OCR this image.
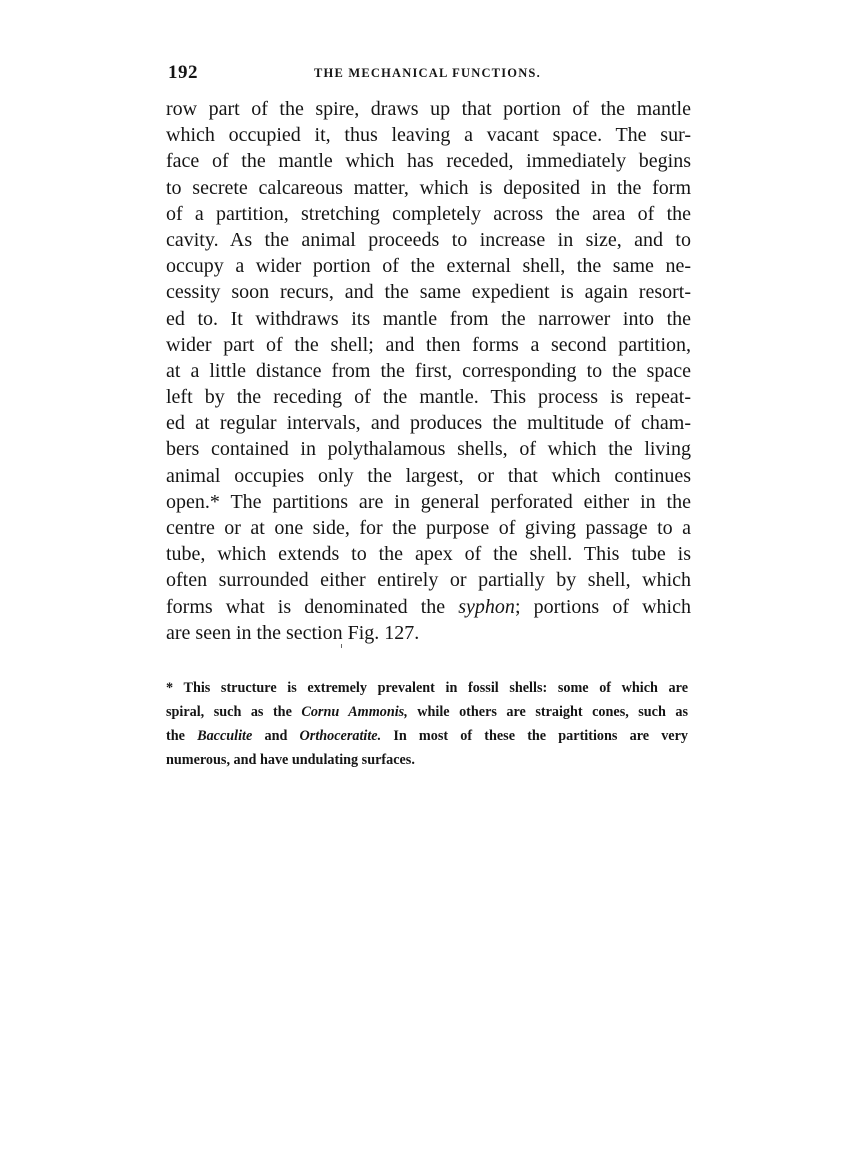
192	THE MECHANICAL FUNCTIONS.
row part of the spire, draws up that portion of the mantle
which occupied it, thus leaving a vacant space. The sur-
face of the mantle which has receded, immediately begins
to secrete calcareous matter, which is deposited in the form
of a partition, stretching completely across the area of the
cavity. As the animal proceeds to increase in size, and to
occupy a wider portion of the external shell, the same ne-
cessity soon recurs, and the same expedient is again resort-
ed to. It withdraws its mantle from the narrower into the
wider part of the shell; and then forms a second partition,
at a little distance from the first, corresponding to the space
left by the receding of the mantle. This process is repeat-
ed at regular intervals, and produces the multitude of cham-
bers contained in polythalamous shells, of which the living
animal occupies only the largest, or that which continues
open.* The partitions are in general perforated either in the
centre or at one side, for the purpose of giving passage to a
tube, which extends to the apex of the shell. This tube is
often surrounded either entirely or partially by shell, which
forms what is denominated the syphon; portions of which
are seen in the section Fig. 127.
* This structure is extremely prevalent in fossil shells: some of which are
spiral, such as the Cornu Ammonis, while others are straight cones, such as
the Bacculite and Orthoceratite. In most of these the partitions are very
numerous, and have undulating surfaces.
